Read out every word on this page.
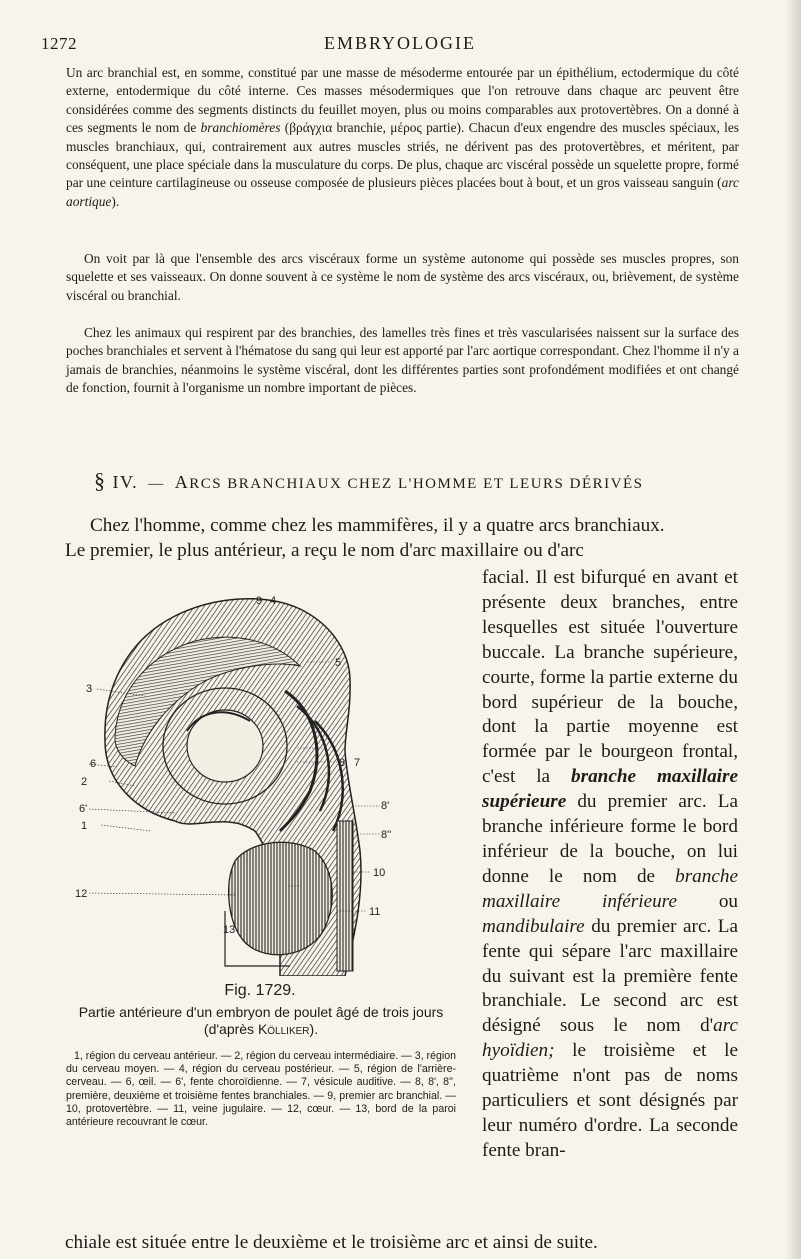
1272	EMBRYOLOGIE

Un arc branchial est, en somme, constitué par une masse de mésoderme entourée par un épithélium, ectodermique du côté externe, entodermique du côté interne. Ces masses mésodermiques que l'on retrouve dans chaque arc peuvent être considérées comme des segments distincts du feuillet moyen, plus ou moins comparables aux protovertèbres. On a donné à ces segments le nom de branchiomères (βράγχια branchie, μέρος partie). Chacun d'eux engendre des muscles spéciaux, les muscles branchiaux, qui, contrairement aux autres muscles striés, ne dérivent pas des protovertèbres, et méritent, par conséquent, une place spéciale dans la musculature du corps. De plus, chaque arc viscéral possède un squelette propre, formé par une ceinture cartilagineuse ou osseuse composée de plusieurs pièces placées bout à bout, et un gros vaisseau sanguin (arc aortique).

On voit par là que l'ensemble des arcs viscéraux forme un système autonome qui possède ses muscles propres, son squelette et ses vaisseaux. On donne souvent à ce système le nom de système des arcs viscéraux, ou, brièvement, de système viscéral ou branchial.

Chez les animaux qui respirent par des branchies, des lamelles très fines et très vascularisées naissent sur la surface des poches branchiales et servent à l'hématose du sang qui leur est apporté par l'arc aortique correspondant. Chez l'homme il n'y a jamais de branchies, néanmoins le système viscéral, dont les différentes parties sont profondément modifiées et ont changé de fonction, fournit à l'organisme un nombre important de pièces.

§ IV. — ARCS BRANCHIAUX CHEZ L'HOMME ET LEURS DÉRIVÉS

Chez l'homme, comme chez les mammifères, il y a quatre arcs branchiaux.

Le premier, le plus antérieur, a reçu le nom d'arc maxillaire ou d'arc

facial. Il est bifurqué en avant et présente deux branches, entre lesquelles est située l'ouverture buccale. La branche supérieure, courte, forme la partie externe du bord supérieur de la bouche, dont la partie moyenne est formée par le bourgeon frontal, c'est la branche maxillaire supérieure du premier arc. La branche inférieure forme le bord inférieur de la bouche, on lui donne le nom de branche maxillaire inférieure ou mandibulaire du premier arc. La fente qui sépare l'arc maxillaire du suivant est la première fente branchiale. Le second arc est désigné sous le nom d'arc hyoïdien; le troisième et le quatrième n'ont pas de noms particuliers et sont désignés par leur numéro d'ordre. La seconde fente bran-

9 4
3
5
6
2
8 7
6'	8'
1
8''
10
11
12
13
Fig. 1729.
Partie antérieure d'un embryon de poulet âgé de trois jours (d'après Kölliker).
1, région du cerveau antérieur. — 2, région du cerveau intermédiaire. — 3, région du cerveau moyen. — 4, région du cerveau postérieur. — 5, région de l'arrière-cerveau. — 6, œil. — 6', fente choroïdienne. — 7, vésicule auditive. — 8, 8', 8'', première, deuxième et troisième fentes branchiales. — 9, premier arc branchial. — 10, protovertèbre. — 11, veine jugulaire. — 12, cœur. — 13, bord de la paroi antérieure recouvrant le cœur.

chiale est située entre le deuxième et le troisième arc et ainsi de suite.
